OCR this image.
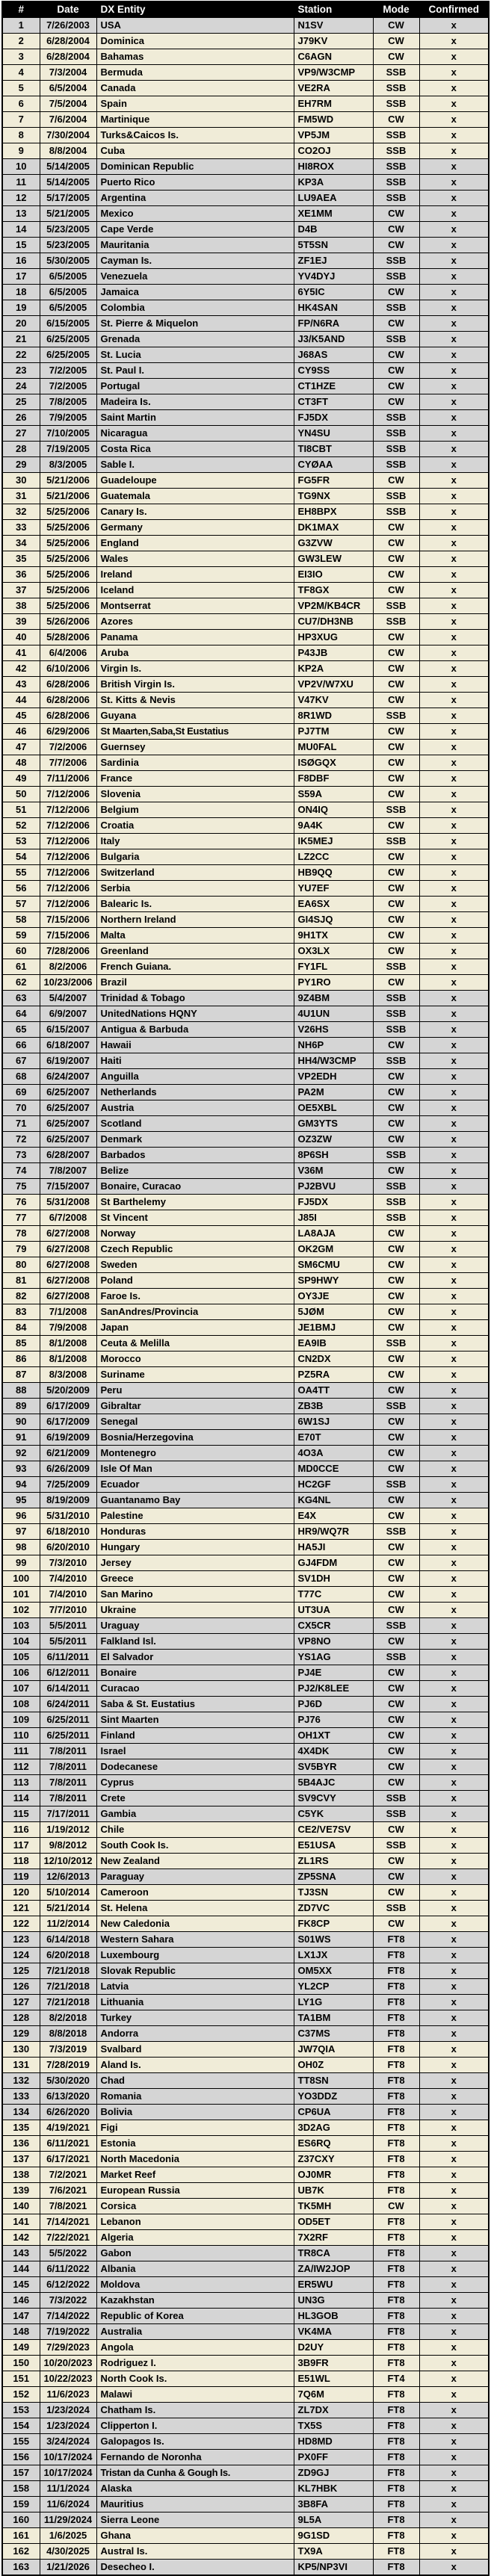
#	Date	DX Entity	Station	Mode	Confirmed
1	7/26/2003	USA	N1SV	CW	x
2	6/28/2004	Dominica	J79KV	CW	x
3	6/28/2004	Bahamas	C6AGN	CW	x
4	7/3/2004	Bermuda	VP9/W3CMP	SSB	x
5	6/5/2004	Canada	VE2RA	SSB	x
6	7/5/2004	Spain	EH7RM	SSB	x
7	7/6/2004	Martinique	FM5WD	CW	x
8	7/30/2004	Turks&Caicos Is.	VP5JM	SSB	x
9	8/8/2004	Cuba	CO2OJ	SSB	x
10	5/14/2005	Dominican Republic	HI8ROX	SSB	x
11	5/14/2005	Puerto Rico	KP3A	SSB	x
12	5/17/2005	Argentina	LU9AEA	SSB	x
13	5/21/2005	Mexico	XE1MM	CW	x
14	5/23/2005	Cape Verde	D4B	CW	x
15	5/23/2005	Mauritania	5T5SN	CW	x
16	5/30/2005	Cayman Is.	ZF1EJ	SSB	x
17	6/5/2005	Venezuela	YV4DYJ	SSB	x
18	6/5/2005	Jamaica	6Y5IC	CW	x
19	6/5/2005	Colombia	HK4SAN	SSB	x
20	6/15/2005	St. Pierre & Miquelon	FP/N6RA	CW	x
21	6/25/2005	Grenada	J3/K5AND	SSB	x
22	6/25/2005	St. Lucia	J68AS	CW	x
23	7/2/2005	St. Paul I.	CY9SS	CW	x
24	7/2/2005	Portugal	CT1HZE	CW	x
25	7/8/2005	Madeira Is.	CT3FT	CW	x
26	7/9/2005	Saint Martin	FJ5DX	SSB	x
27	7/10/2005	Nicaragua	YN4SU	SSB	x
28	7/19/2005	Costa Rica	TI8CBT	SSB	x
29	8/3/2005	Sable I.	CYØAA	SSB	x
30	5/21/2006	Guadeloupe	FG5FR	CW	x
31	5/21/2006	Guatemala	TG9NX	SSB	x
32	5/25/2006	Canary Is.	EH8BPX	SSB	x
33	5/25/2006	Germany	DK1MAX	CW	x
34	5/25/2006	England	G3ZVW	CW	x
35	5/25/2006	Wales	GW3LEW	CW	x
36	5/25/2006	Ireland	EI3IO	CW	x
37	5/25/2006	Iceland	TF8GX	CW	x
38	5/25/2006	Montserrat	VP2M/KB4CR	SSB	x
39	5/26/2006	Azores	CU7/DH3NB	SSB	x
40	5/28/2006	Panama	HP3XUG	CW	x
41	6/4/2006	Aruba	P43JB	CW	x
42	6/10/2006	Virgin Is.	KP2A	CW	x
43	6/28/2006	British Virgin Is.	VP2V/W7XU	CW	x
44	6/28/2006	St. Kitts & Nevis	V47KV	CW	x
45	6/28/2006	Guyana	8R1WD	SSB	x
46	6/29/2006	St Maarten,Saba,St Eustatius	PJ7TM	CW	x
47	7/2/2006	Guernsey	MU0FAL	CW	x
48	7/7/2006	Sardinia	ISØGQX	CW	x
49	7/11/2006	France	F8DBF	CW	x
50	7/12/2006	Slovenia	S59A	CW	x
51	7/12/2006	Belgium	ON4IQ	SSB	x
52	7/12/2006	Croatia	9A4K	CW	x
53	7/12/2006	Italy	IK5MEJ	SSB	x
54	7/12/2006	Bulgaria	LZ2CC	CW	x
55	7/12/2006	Switzerland	HB9QQ	CW	x
56	7/12/2006	Serbia	YU7EF	CW	x
57	7/12/2006	Balearic Is.	EA6SX	CW	x
58	7/15/2006	Northern Ireland	GI4SJQ	CW	x
59	7/15/2006	Malta	9H1TX	CW	x
60	7/28/2006	Greenland	OX3LX	CW	x
61	8/2/2006	French Guiana.	FY1FL	SSB	x
62	10/23/2006	Brazil	PY1RO	CW	x
63	5/4/2007	Trinidad & Tobago	9Z4BM	SSB	x
64	6/9/2007	UnitedNations HQNY	4U1UN	SSB	x
65	6/15/2007	Antigua & Barbuda	V26HS	SSB	x
66	6/18/2007	Hawaii	NH6P	CW	x
67	6/19/2007	Haiti	HH4/W3CMP	SSB	x
68	6/24/2007	Anguilla	VP2EDH	CW	x
69	6/25/2007	Netherlands	PA2M	CW	x
70	6/25/2007	Austria	OE5XBL	CW	x
71	6/25/2007	Scotland	GM3YTS	CW	x
72	6/25/2007	Denmark	OZ3ZW	CW	x
73	6/28/2007	Barbados	8P6SH	SSB	x
74	7/8/2007	Belize	V36M	CW	x
75	7/15/2007	Bonaire, Curacao	PJ2BVU	SSB	x
76	5/31/2008	St Barthelemy	FJ5DX	SSB	x
77	6/7/2008	St Vincent	J85I	SSB	x
78	6/27/2008	Norway	LA8AJA	CW	x
79	6/27/2008	Czech Republic	OK2GM	CW	x
80	6/27/2008	Sweden	SM6CMU	CW	x
81	6/27/2008	Poland	SP9HWY	CW	x
82	6/27/2008	Faroe Is.	OY3JE	CW	x
83	7/1/2008	SanAndres/Provincia	5JØM	CW	x
84	7/9/2008	Japan	JE1BMJ	CW	x
85	8/1/2008	Ceuta & Melilla	EA9IB	SSB	x
86	8/1/2008	Morocco	CN2DX	CW	x
87	8/3/2008	Suriname	PZ5RA	CW	x
88	5/20/2009	Peru	OA4TT	CW	x
89	6/17/2009	Gibraltar	ZB3B	SSB	x
90	6/17/2009	Senegal	6W1SJ	CW	x
91	6/19/2009	Bosnia/Herzegovina	E70T	CW	x
92	6/21/2009	Montenegro	4O3A	CW	x
93	6/26/2009	Isle Of Man	MD0CCE	CW	x
94	7/25/2009	Ecuador	HC2GF	SSB	x
95	8/19/2009	Guantanamo Bay	KG4NL	CW	x
96	5/31/2010	Palestine	E4X	CW	x
97	6/18/2010	Honduras	HR9/WQ7R	SSB	x
98	6/20/2010	Hungary	HA5JI	CW	x
99	7/3/2010	Jersey	GJ4FDM	CW	x
100	7/4/2010	Greece	SV1DH	CW	x
101	7/4/2010	San Marino	T77C	CW	x
102	7/7/2010	Ukraine	UT3UA	CW	x
103	5/5/2011	Uraguay	CX5CR	SSB	x
104	5/5/2011	Falkland Isl.	VP8NO	CW	x
105	6/11/2011	El Salvador	YS1AG	SSB	x
106	6/12/2011	Bonaire	PJ4E	CW	x
107	6/14/2011	Curacao	PJ2/K8LEE	CW	x
108	6/24/2011	Saba & St. Eustatius	PJ6D	CW	x
109	6/25/2011	Sint Maarten	PJ76	CW	x
110	6/25/2011	Finland	OH1XT	CW	x
111	7/8/2011	Israel	4X4DK	CW	x
112	7/8/2011	Dodecanese	SV5BYR	CW	x
113	7/8/2011	Cyprus	5B4AJC	CW	x
114	7/8/2011	Crete	SV9CVY	SSB	x
115	7/17/2011	Gambia	C5YK	SSB	x
116	1/19/2012	Chile	CE2/VE7SV	CW	x
117	9/8/2012	South Cook Is.	E51USA	SSB	x
118	12/10/2012	New Zealand	ZL1RS	CW	x
119	12/6/2013	Paraguay	ZP5SNA	CW	x
120	5/10/2014	Cameroon	TJ3SN	CW	x
121	5/21/2014	St. Helena	ZD7VC	SSB	x
122	11/2/2014	New Caledonia	FK8CP	CW	x
123	6/14/2018	Western Sahara	S01WS	FT8	x
124	6/20/2018	Luxembourg	LX1JX	FT8	x
125	7/21/2018	Slovak Republic	OM5XX	FT8	x
126	7/21/2018	Latvia	YL2CP	FT8	x
127	7/21/2018	Lithuania	LY1G	FT8	x
128	8/2/2018	Turkey	TA1BM	FT8	x
129	8/8/2018	Andorra	C37MS	FT8	x
130	7/3/2019	Svalbard	JW7QIA	FT8	x
131	7/28/2019	Aland Is.	OH0Z	FT8	x
132	5/30/2020	Chad	TT8SN	FT8	x
133	6/13/2020	Romania	YO3DDZ	FT8	x
134	6/26/2020	Bolivia	CP6UA	FT8	x
135	4/19/2021	Figi	3D2AG	FT8	x
136	6/11/2021	Estonia	ES6RQ	FT8	x
137	6/17/2021	North Macedonia	Z37CXY	FT8	x
138	7/2/2021	Market Reef	OJ0MR	FT8	x
139	7/6/2021	European Russia	UB7K	FT8	x
140	7/8/2021	Corsica	TK5MH	CW	x
141	7/14/2021	Lebanon	OD5ET	FT8	x
142	7/22/2021	Algeria	7X2RF	FT8	x
143	5/5/2022	Gabon	TR8CA	FT8	x
144	6/11/2022	Albania	ZA/IW2JOP	FT8	x
145	6/12/2022	Moldova	ER5WU	FT8	x
146	7/3/2022	Kazakhstan	UN3G	FT8	x
147	7/14/2022	Republic of Korea	HL3GOB	FT8	x
148	7/19/2022	Australia	VK4MA	FT8	x
149	7/29/2023	Angola	D2UY	FT8	x
150	10/20/2023	Rodriguez I.	3B9FR	FT8	x
151	10/22/2023	North Cook Is.	E51WL	FT4	x
152	11/6/2023	Malawi	7Q6M	FT8	x
153	1/23/2024	Chatham Is.	ZL7DX	FT8	x
154	1/23/2024	Clipperton I.	TX5S	FT8	x
155	3/24/2024	Galopagos Is.	HD8MD	FT8	x
156	10/17/2024	Fernando de Noronha	PX0FF	FT8	x
157	10/17/2024	Tristan da Cunha & Gough Is.	ZD9GJ	FT8	x
158	11/1/2024	Alaska	KL7HBK	FT8	x
159	11/6/2024	Mauritius	3B8FA	FT8	x
160	11/29/2024	Sierra Leone	9L5A	FT8	x
161	1/6/2025	Ghana	9G1SD	FT8	x
162	4/30/2025	Austral Is.	TX9A	FT8	x
163	1/21/2026	Desecheo I.	KP5/NP3VI	FT8	x
